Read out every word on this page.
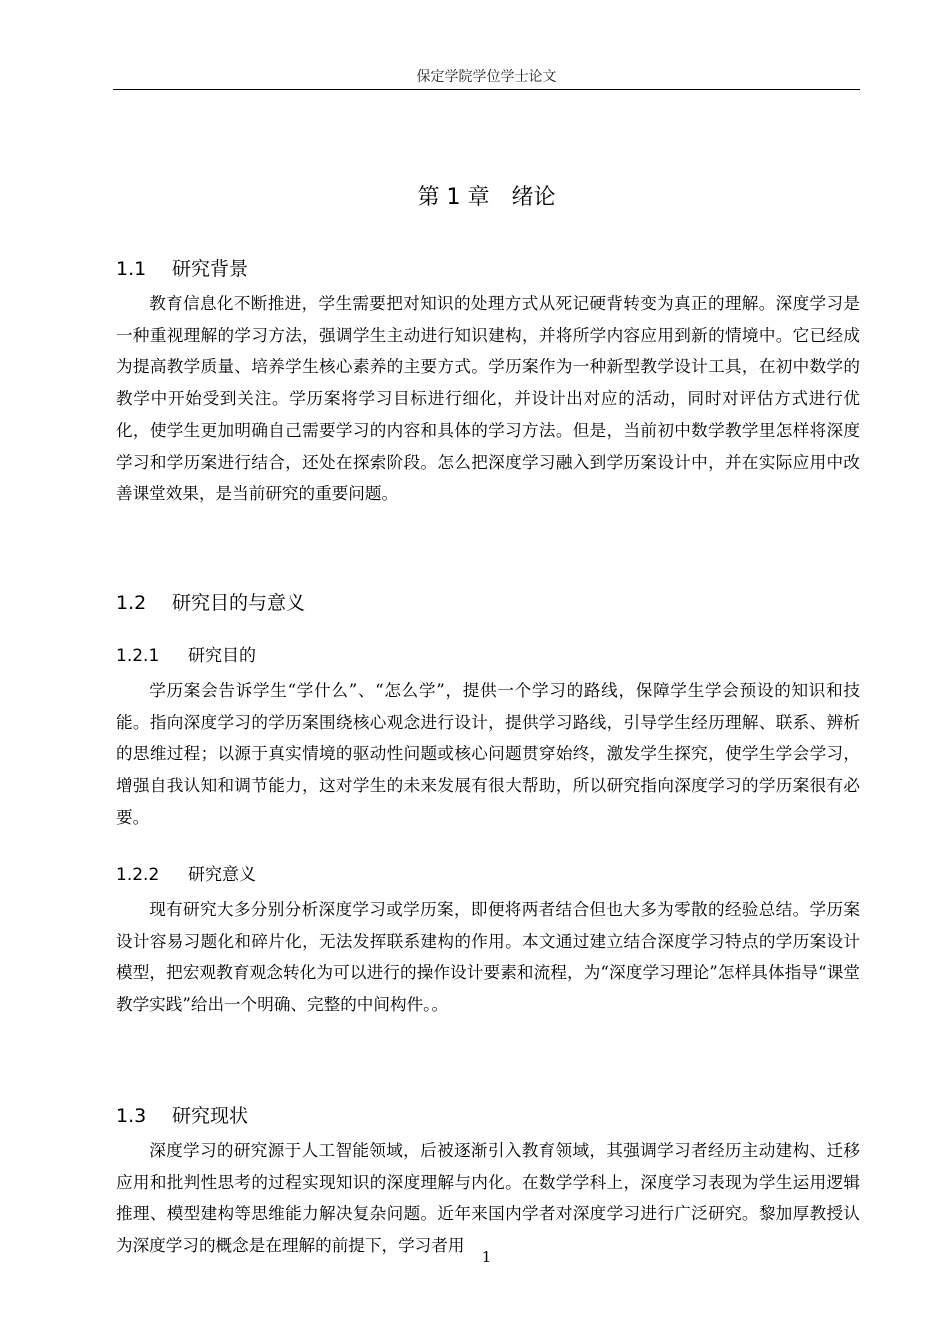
保定学院学位学士论文
第 1 章　绪论
1.1 研究背景

教育信息化不断推进，学生需要把对知识的处理方式从死记硬背转变为真正的理解。深度学习是一种重视理解的学习方法，强调学生主动进行知识建构，并将所学内容应用到新的情境中。它已经成为提高教学质量、培养学生核心素养的主要方式。学历案作为一种新型教学设计工具，在初中数学的教学中开始受到关注。学历案将学习目标进行细化，并设计出对应的活动，同时对评估方式进行优化，使学生更加明确自己需要学习的内容和具体的学习方法。但是，当前初中数学教学里怎样将深度学习和学历案进行结合，还处在探索阶段。怎么把深度学习融入到学历案设计中，并在实际应用中改善课堂效果，是当前研究的重要问题。

1.2 研究目的与意义
1.2.1 研究目的

学历案会告诉学生“学什么”、“怎么学”，提供一个学习的路线，保障学生学会预设的知识和技能。指向深度学习的学历案围绕核心观念进行设计，提供学习路线，引导学生经历理解、联系、辨析的思维过程；以源于真实情境的驱动性问题或核心问题贯穿始终，激发学生探究，使学生学会学习，增强自我认知和调节能力，这对学生的未来发展有很大帮助，所以研究指向深度学习的学历案很有必要。

1.2.2 研究意义

现有研究大多分别分析深度学习或学历案，即便将两者结合但也大多为零散的经验总结。学历案设计容易习题化和碎片化，无法发挥联系建构的作用。本文通过建立结合深度学习特点的学历案设计模型，把宏观教育观念转化为可以进行的操作设计要素和流程，为“深度学习理论”怎样具体指导“课堂教学实践”给出一个明确、完整的中间构件。。

1.3 研究现状

深度学习的研究源于人工智能领域，后被逐渐引入教育领域，其强调学习者经历主动建构、迁移应用和批判性思考的过程实现知识的深度理解与内化。在数学学科上，深度学习表现为学生运用逻辑推理、模型建构等思维能力解决复杂问题。近年来国内学者对深度学习进行广泛研究。黎加厚教授认为深度学习的概念是在理解的前提下，学习者用

1
